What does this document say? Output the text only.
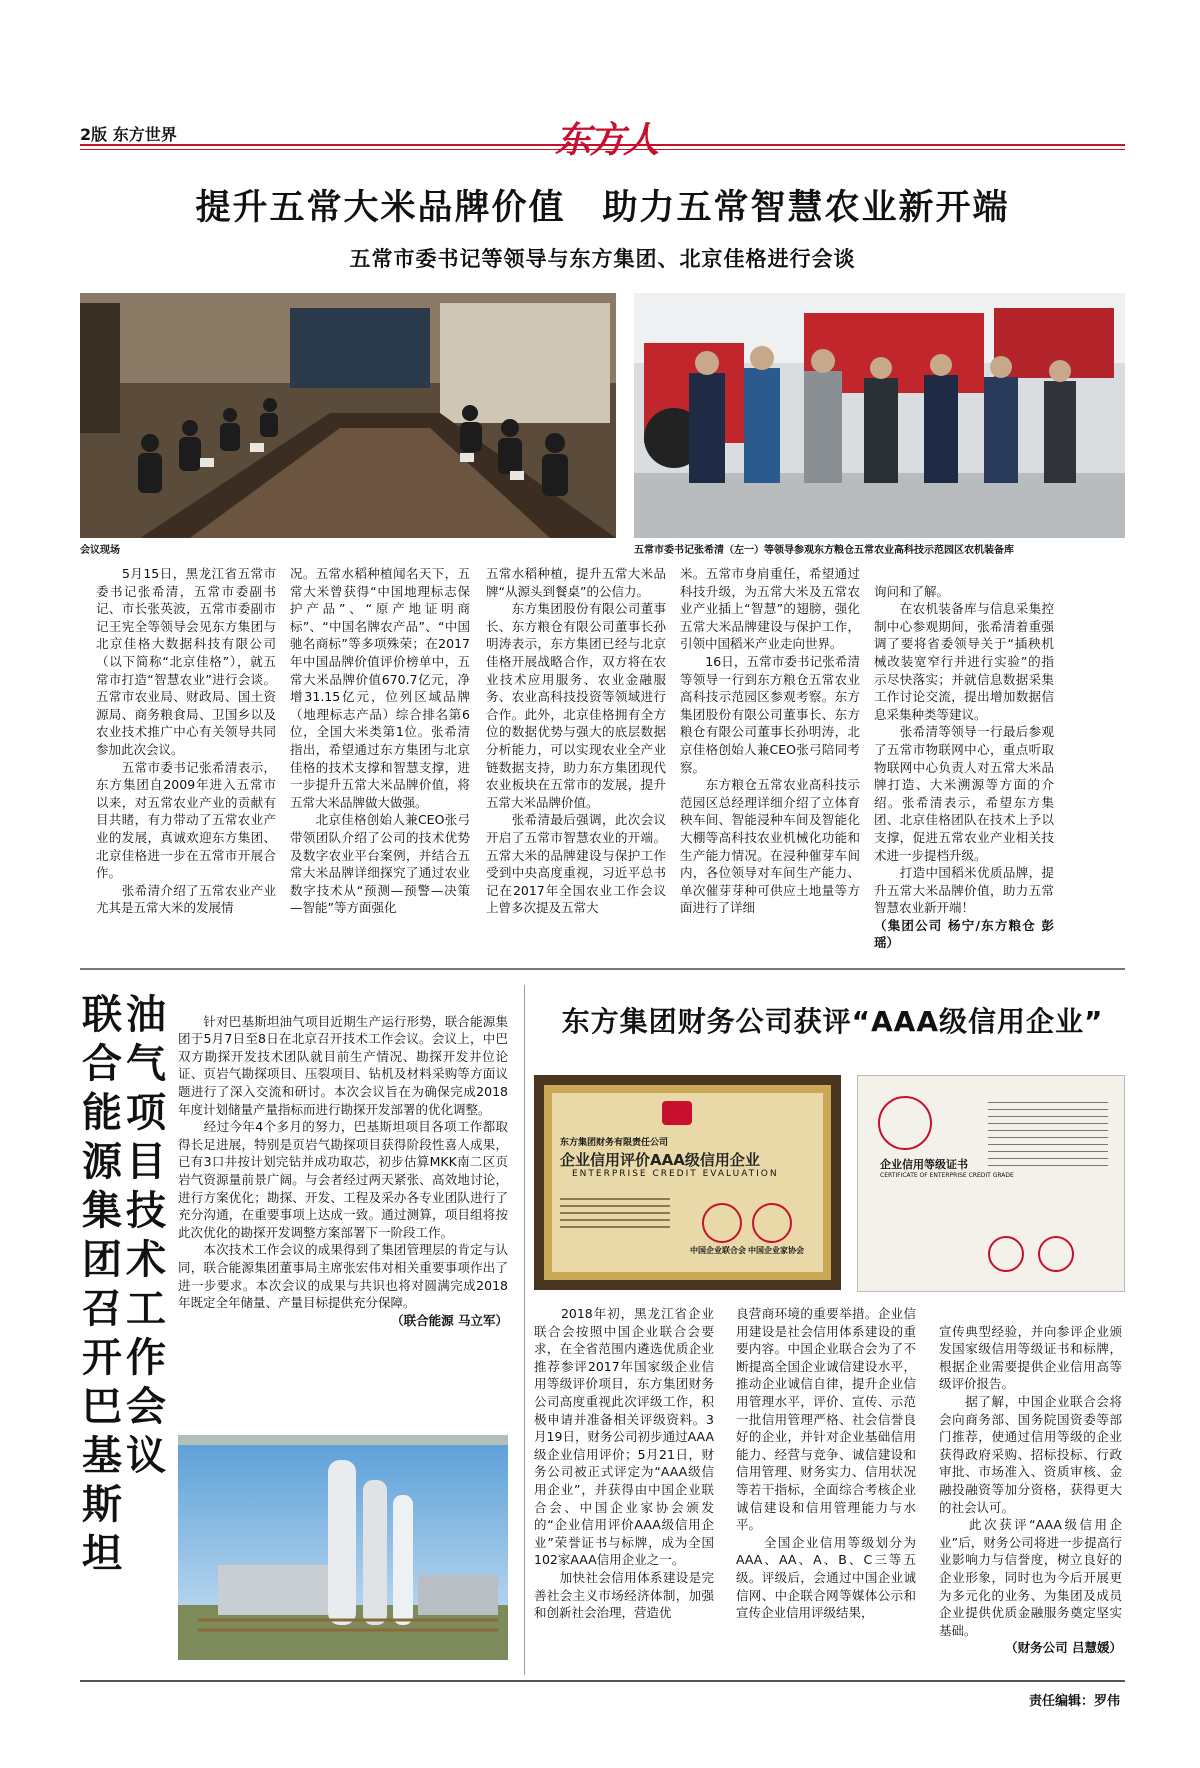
2版 东方世界	东方人
提升五常大米品牌价值　助力五常智慧农业新开端
五常市委书记等领导与东方集团、北京佳格进行会谈
会议现场	五常市委书记张希清（左一）等领导参观东方粮仓五常农业高科技示范园区农机装备库
　　5月15日，黑龙江省五常市委书记张希清，五常市委副书记、市长张英波，五常市委副市记王宪全等领导会见东方集团与北京佳格大数据科技有限公司（以下简称“北京佳格”），就五常市打造“智慧农业”进行会谈。五常市农业局、财政局、国土资源局、商务粮食局、卫国乡以及农业技术推广中心有关领导共同参加此次会议。
　　五常市委书记张希清表示，东方集团自2009年进入五常市以来，对五常农业产业的贡献有目共睹，有力带动了五常农业产业的发展，真诚欢迎东方集团、北京佳格进一步在五常市开展合作。
　　张希清介绍了五常农业产业尤其是五常大米的发展情
况。五常水稻种植闻名天下，五常大米曾获得“中国地理标志保护产品”、“原产地证明商标”、“中国名牌农产品”、“中国驰名商标”等多项殊荣；在2017年中国品牌价值评价榜单中，五常大米品牌价值670.7亿元，净增31.15亿元，位列区域品牌（地理标志产品）综合排名第6位，全国大米类第1位。张希清指出，希望通过东方集团与北京佳格的技术支撑和智慧支撑，进一步提升五常大米品牌价值，将五常大米品牌做大做强。
　　北京佳格创始人兼CEO张弓带领团队介绍了公司的技术优势及数字农业平台案例，并结合五常大米品牌详细探究了通过农业数字技术从“预测—预警—决策—智能”等方面强化
五常水稻种植，提升五常大米品牌“从源头到餐桌”的公信力。
　　东方集团股份有限公司董事长、东方粮仓有限公司董事长孙明涛表示，东方集团已经与北京佳格开展战略合作，双方将在农业技术应用服务、农业金融服务、农业高科技投资等领域进行合作。此外，北京佳格拥有全方位的数据优势与强大的底层数据分析能力，可以实现农业全产业链数据支持，助力东方集团现代农业板块在五常市的发展，提升五常大米品牌价值。
　　张希清最后强调，此次会议开启了五常市智慧农业的开端。五常大米的品牌建设与保护工作受到中央高度重视，习近平总书记在2017年全国农业工作会议上曾多次提及五常大
米。五常市身肩重任，希望通过科技升级，为五常大米及五常农业产业插上“智慧”的翅膀，强化五常大米品牌建设与保护工作，引领中国稻米产业走向世界。
　　16日，五常市委书记张希清等领导一行到东方粮仓五常农业高科技示范园区参观考察。东方集团股份有限公司董事长、东方粮仓有限公司董事长孙明涛，北京佳格创始人兼CEO张弓陪同考察。
　　东方粮仓五常农业高科技示范园区总经理详细介绍了立体育秧车间、智能浸种车间及智能化大棚等高科技农业机械化功能和生产能力情况。在浸种催芽车间内，各位领导对车间生产能力、单次催芽芽种可供应土地量等方面进行了详细

询问和了解。
　　在农机装备库与信息采集控制中心参观期间，张希清着重强调了要将省委领导关于“插秧机械改装宽窄行并进行实验”的指示尽快落实；并就信息数据采集工作讨论交流，提出增加数据信息采集种类等建议。
　　张希清等领导一行最后参观了五常市物联网中心，重点听取物联网中心负责人对五常大米品牌打造、大米溯源等方面的介绍。张希清表示，希望东方集团、北京佳格团队在技术上予以支撑，促进五常农业产业相关技术进一步提档升级。
　　打造中国稻米优质品牌，提升五常大米品牌价值，助力五常智慧农业新开端！

（集团公司 杨宁/东方粮仓 彭瑶）

联合能源集团召开巴基斯坦
油气项目技术工作会议

　　针对巴基斯坦油气项目近期生产运行形势，联合能源集团于5月7日至8日在北京召开技术工作会议。会议上，中巴双方勘探开发技术团队就目前生产情况、勘探开发井位论证、页岩气勘探项目、压裂项目、钻机及材料采购等方面议题进行了深入交流和研讨。本次会议旨在为确保完成2018年度计划储量产量指标而进行勘探开发部署的优化调整。
　　经过今年4个多月的努力，巴基斯坦项目各项工作都取得长足进展，特别是页岩气勘探项目获得阶段性喜人成果，已有3口井按计划完钻并成功取芯，初步估算MKK南二区页岩气资源量前景广阔。与会者经过两天紧张、高效地讨论，进行方案优化；勘探、开发、工程及采办各专业团队进行了充分沟通，在重要事项上达成一致。通过测算，项目组将按此次优化的勘探开发调整方案部署下一阶段工作。
　　本次技术工作会议的成果得到了集团管理层的肯定与认同，联合能源集团董事局主席张宏伟对相关重要事项作出了进一步要求。本次会议的成果与共识也将对圆满完成2018年既定全年储量、产量目标提供充分保障。

（联合能源 马立军）

东方集团财务公司获评“AAA级信用企业”
东方集团财务有限责任公司
企业信用评价AAA级信用企业
ENTERPRISE CREDIT EVALUATION
中国企业联合会 中国企业家协会
企业信用等级证书
CERTIFICATE OF ENTERPRISE CREDIT GRADE
　　2018年初，黑龙江省企业联合会按照中国企业联合会要求，在全省范围内遴选优质企业推荐参评2017年国家级企业信用等级评价项目，东方集团财务公司高度重视此次评级工作，积极申请并准备相关评级资料。3月19日，财务公司初步通过AAA级企业信用评价；5月21日，财务公司被正式评定为“AAA级信用企业”，并获得由中国企业联合会、中国企业家协会颁发的“企业信用评价AAA级信用企业”荣誉证书与标牌，成为全国102家AAA信用企业之一。
　　加快社会信用体系建设是完善社会主义市场经济体制，加强和创新社会治理，营造优
良营商环境的重要举措。企业信用建设是社会信用体系建设的重要内容。中国企业联合会为了不断提高全国企业诚信建设水平，推动企业诚信自律，提升企业信用管理水平，评价、宣传、示范一批信用管理严格、社会信誉良好的企业，并针对企业基础信用能力、经营与竞争、诚信建设和信用管理、财务实力、信用状况等若干指标，全面综合考核企业诚信建设和信用管理能力与水平。
　　全国企业信用等级划分为AAA、AA、A、B、C三等五级。评级后，会通过中国企业诚信网、中企联合网等媒体公示和宣传企业信用评级结果，

宣传典型经验，并向参评企业颁发国家级信用等级证书和标牌，根据企业需要提供企业信用高等级评价报告。
　　据了解，中国企业联合会将会向商务部、国务院国资委等部门推荐，使通过信用等级的企业获得政府采购、招标投标、行政审批、市场准入、资质审核、金融投融资等加分资格，获得更大的社会认可。
　　此次获评“AAA级信用企业”后，财务公司将进一步提高行业影响力与信誉度，树立良好的企业形象，同时也为今后开展更为多元化的业务、为集团及成员企业提供优质金融服务奠定坚实基础。

（财务公司 吕慧媛）

责任编辑：罗伟
